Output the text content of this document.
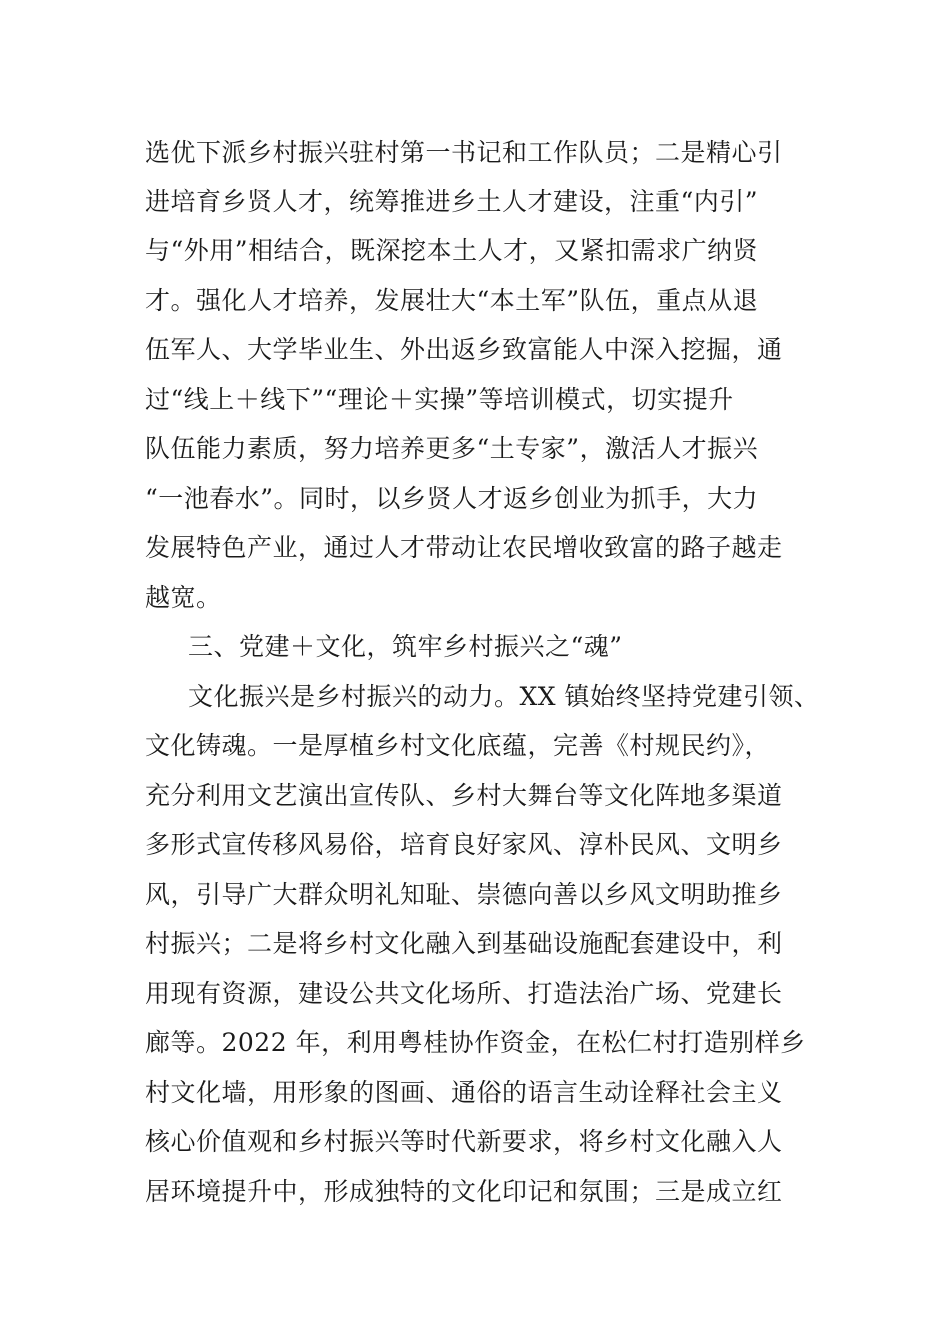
选优下派乡村振兴驻村第一书记和工作队员；二是精心引
进培育乡贤人才，统筹推进乡土人才建设，注重“内引”
与“外用”相结合，既深挖本土人才，又紧扣需求广纳贤
才。强化人才培养，发展壮大“本土军”队伍，重点从退
伍军人、大学毕业生、外出返乡致富能人中深入挖掘，通
过“线上＋线下”“理论＋实操”等培训模式，切实提升
队伍能力素质，努力培养更多“土专家”，激活人才振兴
“一池春水”。同时，以乡贤人才返乡创业为抓手，大力
发展特色产业，通过人才带动让农民增收致富的路子越走
越宽。
三、党建＋文化，筑牢乡村振兴之“魂”
文化振兴是乡村振兴的动力。XX 镇始终坚持党建引领、
文化铸魂。一是厚植乡村文化底蕴，完善《村规民约》，
充分利用文艺演出宣传队、乡村大舞台等文化阵地多渠道
多形式宣传移风易俗，培育良好家风、淳朴民风、文明乡
风，引导广大群众明礼知耻、崇德向善以乡风文明助推乡
村振兴；二是将乡村文化融入到基础设施配套建设中，利
用现有资源，建设公共文化场所、打造法治广场、党建长
廊等。2022 年，利用粤桂协作资金，在松仁村打造别样乡
村文化墙，用形象的图画、通俗的语言生动诠释社会主义
核心价值观和乡村振兴等时代新要求，将乡村文化融入人
居环境提升中，形成独特的文化印记和氛围；三是成立红
